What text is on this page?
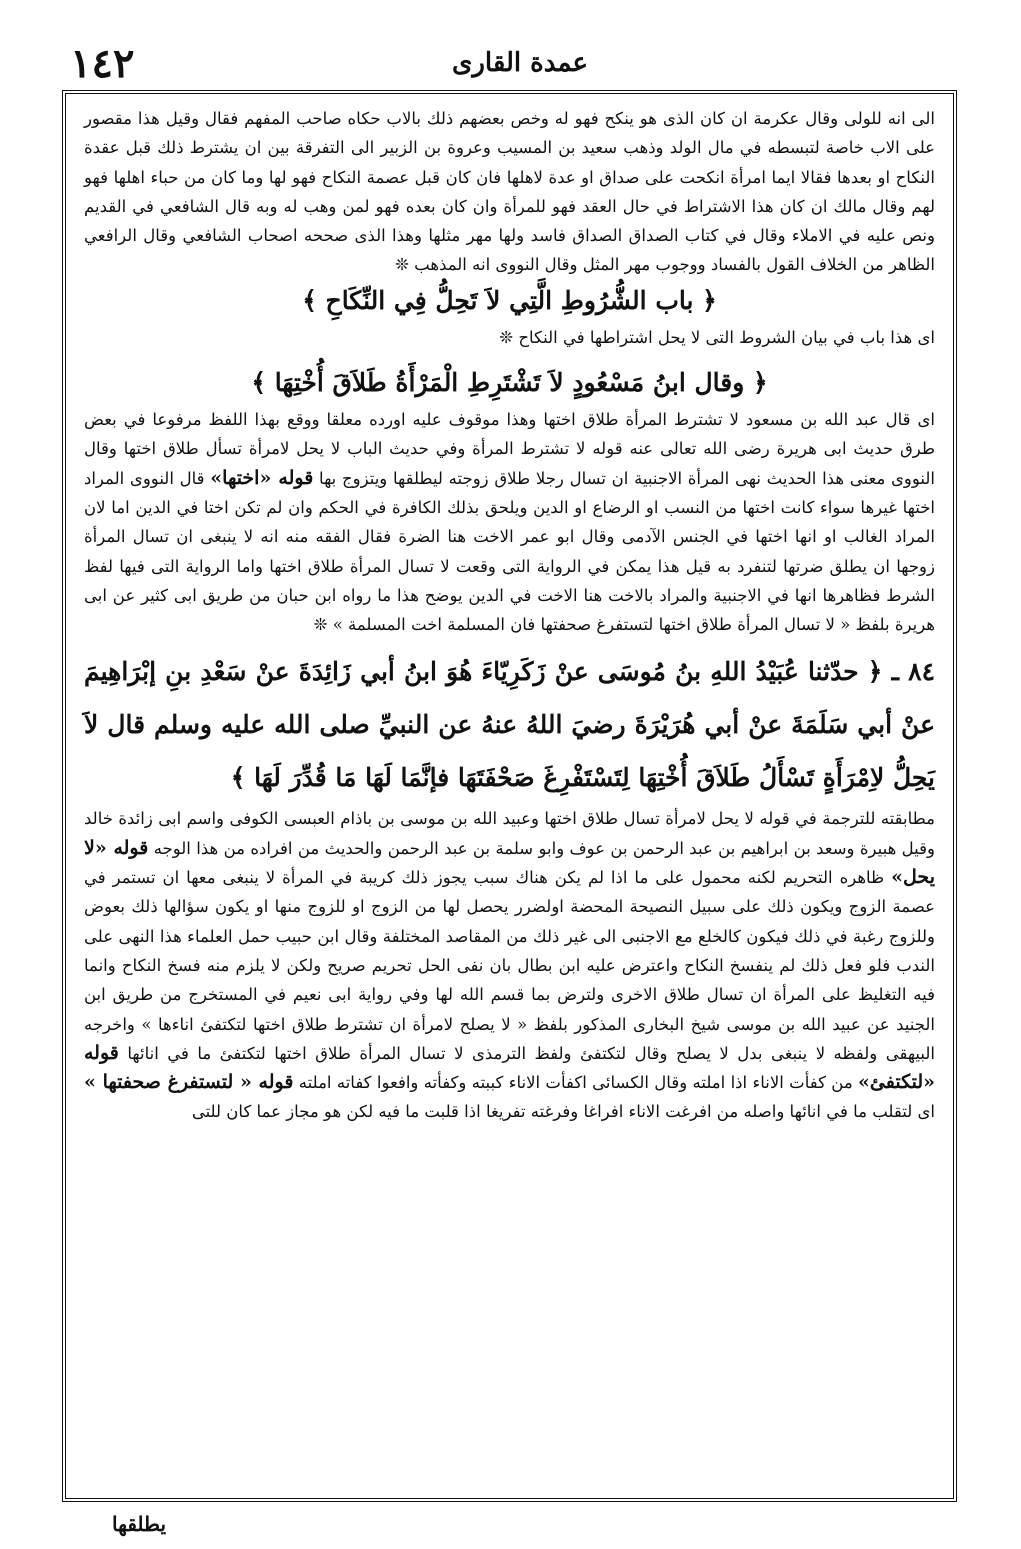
١٤٢	عمدة القاری

الى انه للولى وقال عكرمة ان كان الذى هو ينكح فهو له وخص بعضهم ذلك بالاب حكاه صاحب المفهم فقال وقيل هذا مقصور على الاب خاصة لتبسطه في مال الولد وذهب سعيد بن المسيب وعروة بن الزبير الى التفرقة بين ان يشترط ذلك قبل عقدة النكاح او بعدها فقالا ايما امرأة انكحت على صداق او عدة لاهلها فان كان قبل عصمة النكاح فهو لها وما كان من حباء اهلها فهو لهم وقال مالك ان كان هذا الاشتراط في حال العقد فهو للمرأة وان كان بعده فهو لمن وهب له وبه قال الشافعي في القديم ونص عليه في الاملاء وقال في كتاب الصداق الصداق فاسد ولها مهر مثلها وهذا الذى صححه اصحاب الشافعي وقال الرافعي الظاهر من الخلاف القول بالفساد ووجوب مهر المثل وقال النووى انه المذهب ❊

﴿ باب الشُّرُوطِ الَّتِي لاَ تَحِلُّ فِي النِّكَاحِ ﴾

اى هذا باب في بيان الشروط التى لا يحل اشتراطها في النكاح ❊

﴿ وقال ابنُ مَسْعُودٍ لاَ تَشْتَرِطِ الْمَرْأَةُ طَلاَقَ أُخْتِهَا ﴾

اى قال عبد الله بن مسعود لا تشترط المرأة طلاق اختها وهذا موقوف عليه اورده معلقا ووقع بهذا اللفظ مرفوعا في بعض طرق حديث ابى هريرة رضى الله تعالى عنه قوله لا تشترط المرأة وفي حديث الباب لا يحل لامرأة تسأل طلاق اختها وقال النووى معنى هذا الحديث نهى المرأة الاجنبية ان تسال رجلا طلاق زوجته ليطلقها ويتزوج بها قوله «اختها» قال النووى المراد اختها غيرها سواء كانت اختها من النسب او الرضاع او الدين ويلحق بذلك الكافرة في الحكم وان لم تكن اختا في الدين اما لان المراد الغالب او انها اختها في الجنس الآدمى وقال ابو عمر الاخت هنا الضرة فقال الفقه منه انه لا ينبغى ان تسال المرأة زوجها ان يطلق ضرتها لتنفرد به قيل هذا يمكن في الرواية التى وقعت لا تسال المرأة طلاق اختها واما الرواية التى فيها لفظ الشرط فظاهرها انها في الاجنبية والمراد بالاخت هنا الاخت في الدين يوضح هذا ما رواه ابن حبان من طريق ابى كثير عن ابى هريرة بلفظ « لا تسال المرأة طلاق اختها لتستفرغ صحفتها فان المسلمة اخت المسلمة » ❊

٨٤ ـ ﴿ حدّثنا عُبَيْدُ اللهِ بنُ مُوسَى عنْ زَكَرِيّاءَ هُوَ ابنُ أبي زَائِدَةَ عنْ سَعْدِ بنِ إبْرَاهِيمَ عنْ أبي سَلَمَةَ عنْ أبي هُرَيْرَةَ رضيَ اللهُ عنهُ عن النبيِّ صلى الله عليه وسلم قال لاَ يَحِلُّ لاِمْرَأَةٍ تَسْأَلُ طَلاَقَ أُخْتِهَا لِتَسْتَفْرِغَ صَحْفَتَهَا فإنَّمَا لَهَا مَا قُدِّرَ لَهَا ﴾

مطابقته للترجمة في قوله لا يحل لامرأة تسال طلاق اختها وعبيد الله بن موسى بن باذام العبسى الكوفى واسم ابى زائدة خالد وقيل هبيرة وسعد بن ابراهيم بن عبد الرحمن بن عوف وابو سلمة بن عبد الرحمن والحديث من افراده من هذا الوجه قوله «لا يحل» ظاهره التحريم لكنه محمول على ما اذا لم يكن هناك سبب يجوز ذلك كريبة في المرأة لا ينبغى معها ان تستمر في عصمة الزوج ويكون ذلك على سبيل النصيحة المحضة اولضرر يحصل لها من الزوج او للزوج منها او يكون سؤالها ذلك بعوض وللزوج رغبة في ذلك فيكون كالخلع مع الاجنبى الى غير ذلك من المقاصد المختلفة وقال ابن حبيب حمل العلماء هذا النهى على الندب فلو فعل ذلك لم ينفسخ النكاح واعترض عليه ابن بطال بان نفى الحل تحريم صريح ولكن لا يلزم منه فسخ النكاح وانما فيه التغليظ على المرأة ان تسال طلاق الاخرى ولترض بما قسم الله لها وفي رواية ابى نعيم في المستخرج من طريق ابن الجنيد عن عبيد الله بن موسى شيخ البخارى المذكور بلفظ « لا يصلح لامرأة ان تشترط طلاق اختها لتكتفئ اناءها » واخرجه البيهقى ولفظه لا ينبغى بدل لا يصلح وقال لتكتفئ ولفظ الترمذى لا تسال المرأة طلاق اختها لتكتفئ ما في انائها قوله «لتكتفئ» من كفأت الاناء اذا املته وقال الكسائى اكفأت الاناء كببته وكفأته وافعوا كفاته املته قوله « لتستفرغ صحفتها » اى لتقلب ما في انائها واصله من افرغت الاناء افراغا وفرغته تفريغا اذا قلبت ما فيه لكن هو مجاز عما كان للتى

يطلقها
